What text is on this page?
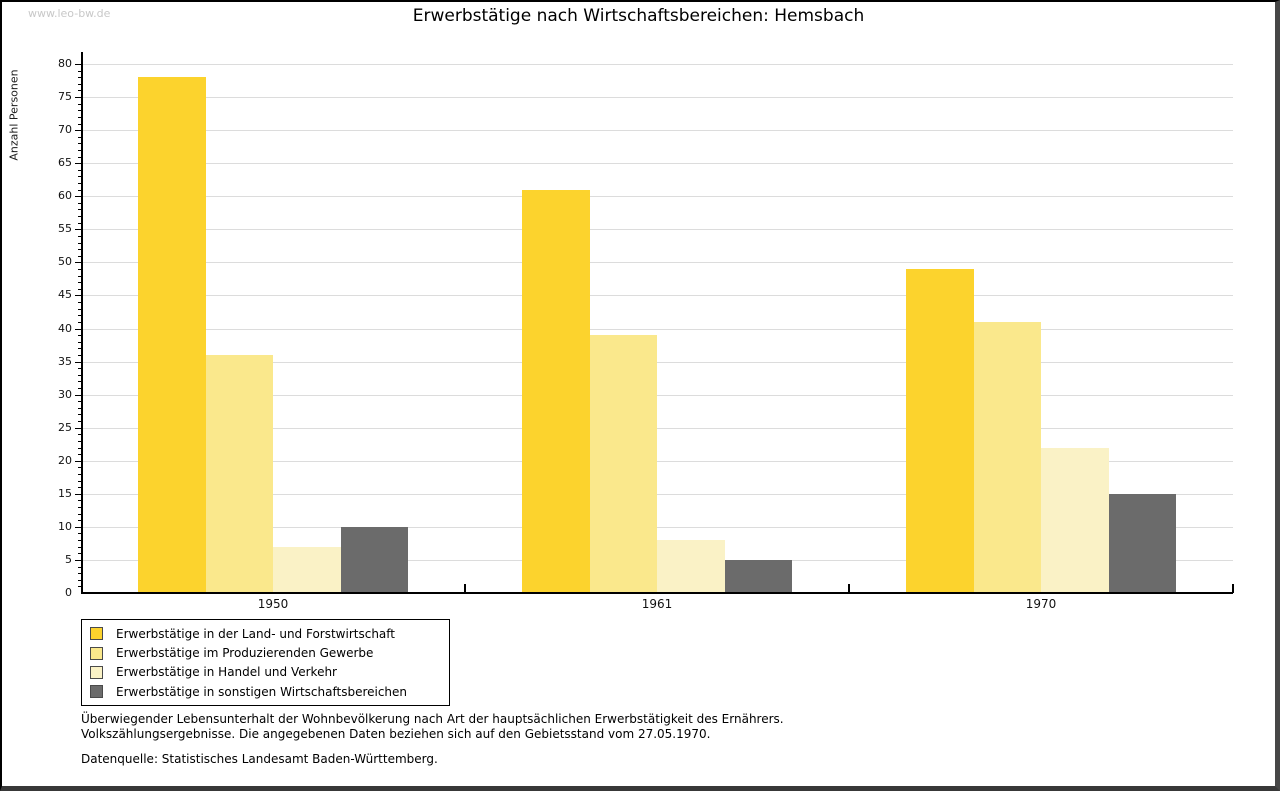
www.leo-bw.de	Erwerbstätige nach Wirtschaftsbereichen: Hemsbach
Anzahl Personen
1950	1961	1970
0
5
10
15
20
25
30
35
40
45
50
55
60
65
70
75
80
Erwerbstätige in der Land- und Forstwirtschaft
Erwerbstätige im Produzierenden Gewerbe
Erwerbstätige in Handel und Verkehr
Erwerbstätige in sonstigen Wirtschaftsbereichen
Überwiegender Lebensunterhalt der Wohnbevölkerung nach Art der hauptsächlichen Erwerbstätigkeit des Ernährers.
Volkszählungsergebnisse. Die angegebenen Daten beziehen sich auf den Gebietsstand vom 27.05.1970.
Datenquelle: Statistisches Landesamt Baden-Württemberg.
